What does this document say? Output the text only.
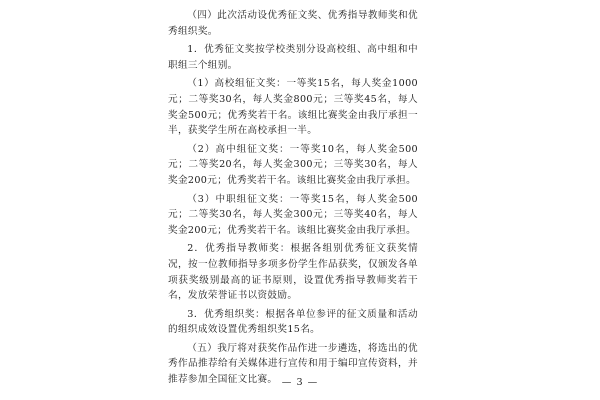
（四）此次活动设优秀征文奖、优秀指导教师奖和优秀组织奖。

1．优秀征文奖按学校类别分设高校组、高中组和中职组三个组别。

（1）高校组征文奖：一等奖15名，每人奖金1000元；二等奖30名，每人奖金800元；三等奖45名，每人奖金500元；优秀奖若干名。该组比赛奖金由我厅承担一半，获奖学生所在高校承担一半。

（2）高中组征文奖：一等奖10名，每人奖金500元；二等奖20名，每人奖金300元；三等奖30名，每人奖金200元；优秀奖若干名。该组比赛奖金由我厅承担。

（3）中职组征文奖：一等奖15名，每人奖金500元；二等奖30名，每人奖金300元；三等奖40名，每人奖金200元；优秀奖若干名。该组比赛奖金由我厅承担。

2．优秀指导教师奖：根据各组别优秀征文获奖情况，按一位教师指导多项多份学生作品获奖，仅颁发各单项获奖级别最高的证书原则，设置优秀指导教师奖若干名，发放荣誉证书以资鼓励。

3．优秀组织奖：根据各单位参评的征文质量和活动的组织成效设置优秀组织奖15名。

（五）我厅将对获奖作品作进一步遴选，将选出的优秀作品推荐给有关媒体进行宣传和用于编印宣传资料，并推荐参加全国征文比赛。 — 3 —
